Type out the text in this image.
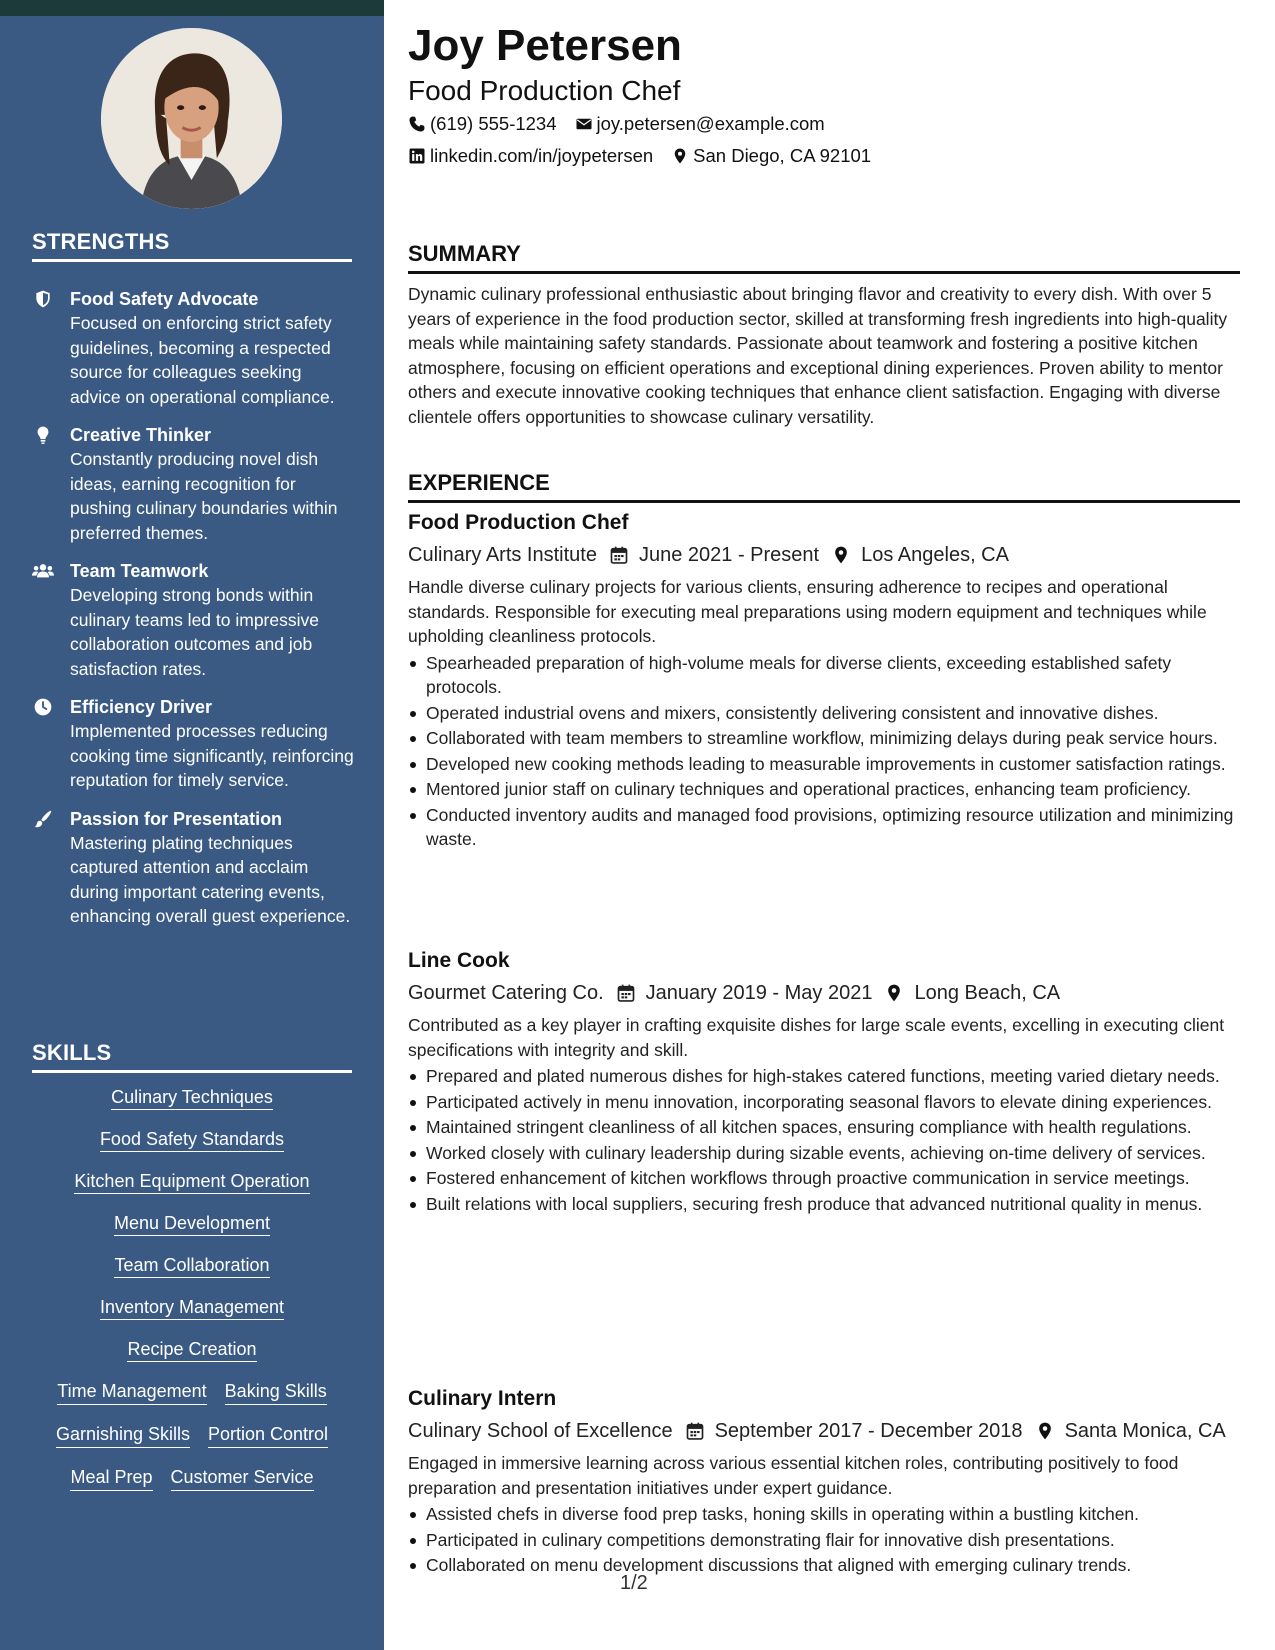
STRENGTHS
Food Safety Advocate
Focused on enforcing strict safety guidelines, becoming a respected source for colleagues seeking advice on operational compliance.
Creative Thinker
Constantly producing novel dish ideas, earning recognition for pushing culinary boundaries within preferred themes.
Team Teamwork
Developing strong bonds within culinary teams led to impressive collaboration outcomes and job satisfaction rates.
Efficiency Driver
Implemented processes reducing cooking time significantly, reinforcing reputation for timely service.
Passion for Presentation
Mastering plating techniques captured attention and acclaim during important catering events, enhancing overall guest experience.
SKILLS
Culinary Techniques
Food Safety Standards
Kitchen Equipment Operation
Menu Development
Team Collaboration
Inventory Management
Recipe Creation
Time Management Baking Skills
Garnishing Skills Portion Control
Meal Prep Customer Service
Joy Petersen
Food Production Chef
(619) 555-1234 joy.petersen@example.com
linkedin.com/in/joypetersen San Diego, CA 92101
SUMMARY
Dynamic culinary professional enthusiastic about bringing flavor and creativity to every dish. With over 5 years of experience in the food production sector, skilled at transforming fresh ingredients into high-quality meals while maintaining safety standards. Passionate about teamwork and fostering a positive kitchen atmosphere, focusing on efficient operations and exceptional dining experiences. Proven ability to mentor others and execute innovative cooking techniques that enhance client satisfaction. Engaging with diverse clientele offers opportunities to showcase culinary versatility.
EXPERIENCE
Food Production Chef
Culinary Arts Institute June 2021 - Present Los Angeles, CA
Handle diverse culinary projects for various clients, ensuring adherence to recipes and operational standards. Responsible for executing meal preparations using modern equipment and techniques while upholding cleanliness protocols.
Spearheaded preparation of high-volume meals for diverse clients, exceeding established safety protocols.
Operated industrial ovens and mixers, consistently delivering consistent and innovative dishes.
Collaborated with team members to streamline workflow, minimizing delays during peak service hours.
Developed new cooking methods leading to measurable improvements in customer satisfaction ratings.
Mentored junior staff on culinary techniques and operational practices, enhancing team proficiency.
Conducted inventory audits and managed food provisions, optimizing resource utilization and minimizing waste.
Line Cook
Gourmet Catering Co. January 2019 - May 2021 Long Beach, CA
Contributed as a key player in crafting exquisite dishes for large scale events, excelling in executing client specifications with integrity and skill.
Prepared and plated numerous dishes for high-stakes catered functions, meeting varied dietary needs.
Participated actively in menu innovation, incorporating seasonal flavors to elevate dining experiences.
Maintained stringent cleanliness of all kitchen spaces, ensuring compliance with health regulations.
Worked closely with culinary leadership during sizable events, achieving on-time delivery of services.
Fostered enhancement of kitchen workflows through proactive communication in service meetings.
Built relations with local suppliers, securing fresh produce that advanced nutritional quality in menus.
Culinary Intern
Culinary School of Excellence September 2017 - December 2018 Santa Monica, CA
Engaged in immersive learning across various essential kitchen roles, contributing positively to food preparation and presentation initiatives under expert guidance.
Assisted chefs in diverse food prep tasks, honing skills in operating within a bustling kitchen.
Participated in culinary competitions demonstrating flair for innovative dish presentations.
Collaborated on menu development discussions that aligned with emerging culinary trends.
1/2
